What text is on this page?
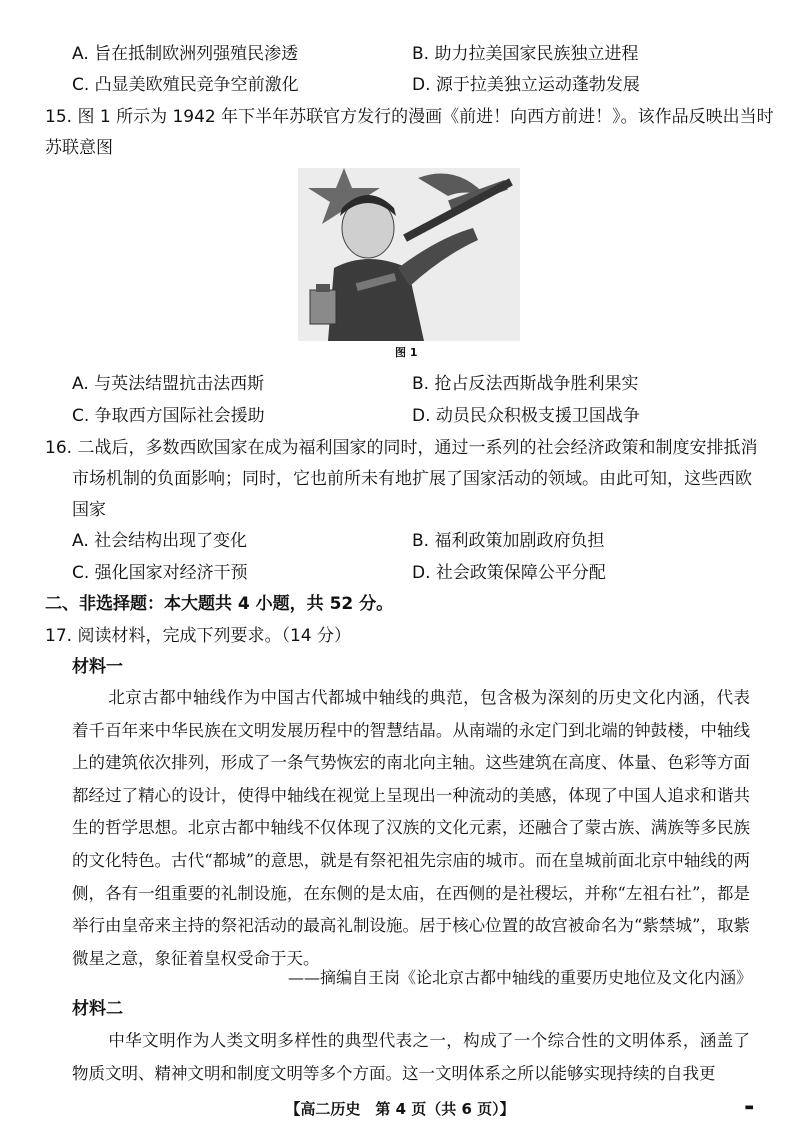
A. 旨在抵制欧洲列强殖民渗透	B. 助力拉美国家民族独立进程
C. 凸显美欧殖民竞争空前激化	D. 源于拉美独立运动蓬勃发展
15. 图 1 所示为 1942 年下半年苏联官方发行的漫画《前进！向西方前进！》。该作品反映出当时
苏联意图
图 1
A. 与英法结盟抗击法西斯	B. 抢占反法西斯战争胜利果实
C. 争取西方国际社会援助	D. 动员民众积极支援卫国战争
16. 二战后，多数西欧国家在成为福利国家的同时，通过一系列的社会经济政策和制度安排抵消
市场机制的负面影响；同时，它也前所未有地扩展了国家活动的领域。由此可知，这些西欧
国家
A. 社会结构出现了变化	B. 福利政策加剧政府负担
C. 强化国家对经济干预	D. 社会政策保障公平分配
二、非选择题：本大题共 4 小题，共 52 分。
17. 阅读材料，完成下列要求。（14 分）
材料一
北京古都中轴线作为中国古代都城中轴线的典范，包含极为深刻的历史文化内涵，代表着千百年来中华民族在文明发展历程中的智慧结晶。从南端的永定门到北端的钟鼓楼，中轴线上的建筑依次排列，形成了一条气势恢宏的南北向主轴。这些建筑在高度、体量、色彩等方面都经过了精心的设计，使得中轴线在视觉上呈现出一种流动的美感，体现了中国人追求和谐共生的哲学思想。北京古都中轴线不仅体现了汉族的文化元素，还融合了蒙古族、满族等多民族的文化特色。古代“都城”的意思，就是有祭祀祖先宗庙的城市。而在皇城前面北京中轴线的两侧，各有一组重要的礼制设施，在东侧的是太庙，在西侧的是社稷坛，并称“左祖右社”，都是举行由皇帝来主持的祭祀活动的最高礼制设施。居于核心位置的故宫被命名为“紫禁城”，取紫微星之意，象征着皇权受命于天。
——摘编自王岗《论北京古都中轴线的重要历史地位及文化内涵》
材料二
中华文明作为人类文明多样性的典型代表之一，构成了一个综合性的文明体系，涵盖了物质文明、精神文明和制度文明等多个方面。这一文明体系之所以能够实现持续的自我更
【高二历史　第 4 页（共 6 页）】	▬
